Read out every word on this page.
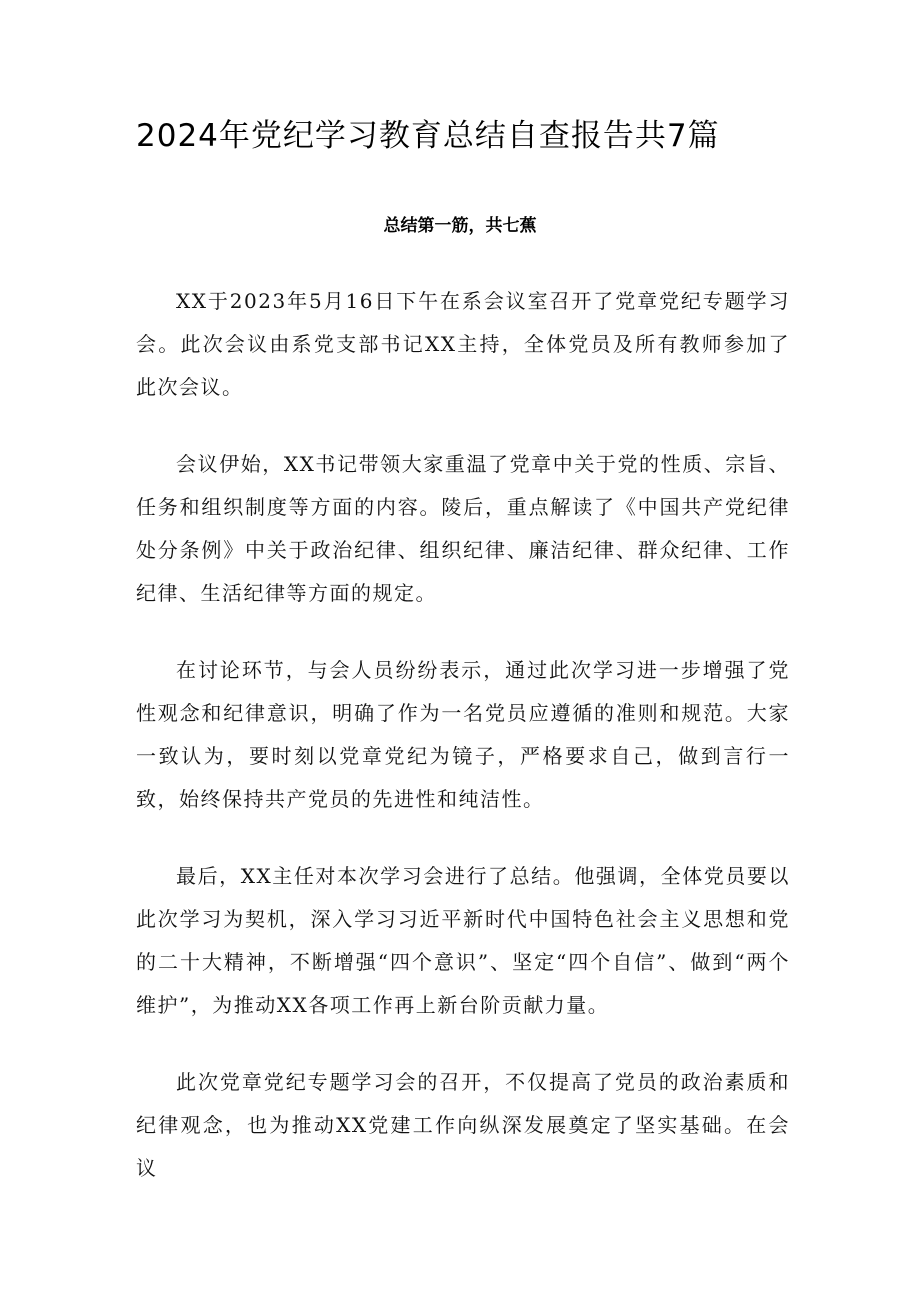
2024年党纪学习教育总结自查报告共7篇
总结第一筋，共七蕉

XX于2023年5月16日下午在系会议室召开了党章党纪专题学习会。此次会议由系党支部书记XX主持，全体党员及所有教师参加了此次会议。

会议伊始，XX书记带领大家重温了党章中关于党的性质、宗旨、任务和组织制度等方面的内容。陵后，重点解读了《中国共产党纪律处分条例》中关于政治纪律、组织纪律、廉洁纪律、群众纪律、工作纪律、生活纪律等方面的规定。

在讨论环节，与会人员纷纷表示，通过此次学习进一步增强了党性观念和纪律意识，明确了作为一名党员应遵循的准则和规范。大家一致认为，要时刻以党章党纪为镜子，严格要求自己，做到言行一致，始终保持共产党员的先进性和纯洁性。

最后，XX主任对本次学习会进行了总结。他强调，全体党员要以此次学习为契机，深入学习习近平新时代中国特色社会主义思想和党的二十大精神，不断增强“四个意识”、坚定“四个自信”、做到“两个维护”，为推动XX各项工作再上新台阶贡献力量。

此次党章党纪专题学习会的召开，不仅提高了党员的政治素质和纪律观念，也为推动XX党建工作向纵深发展奠定了坚实基础。在会议
